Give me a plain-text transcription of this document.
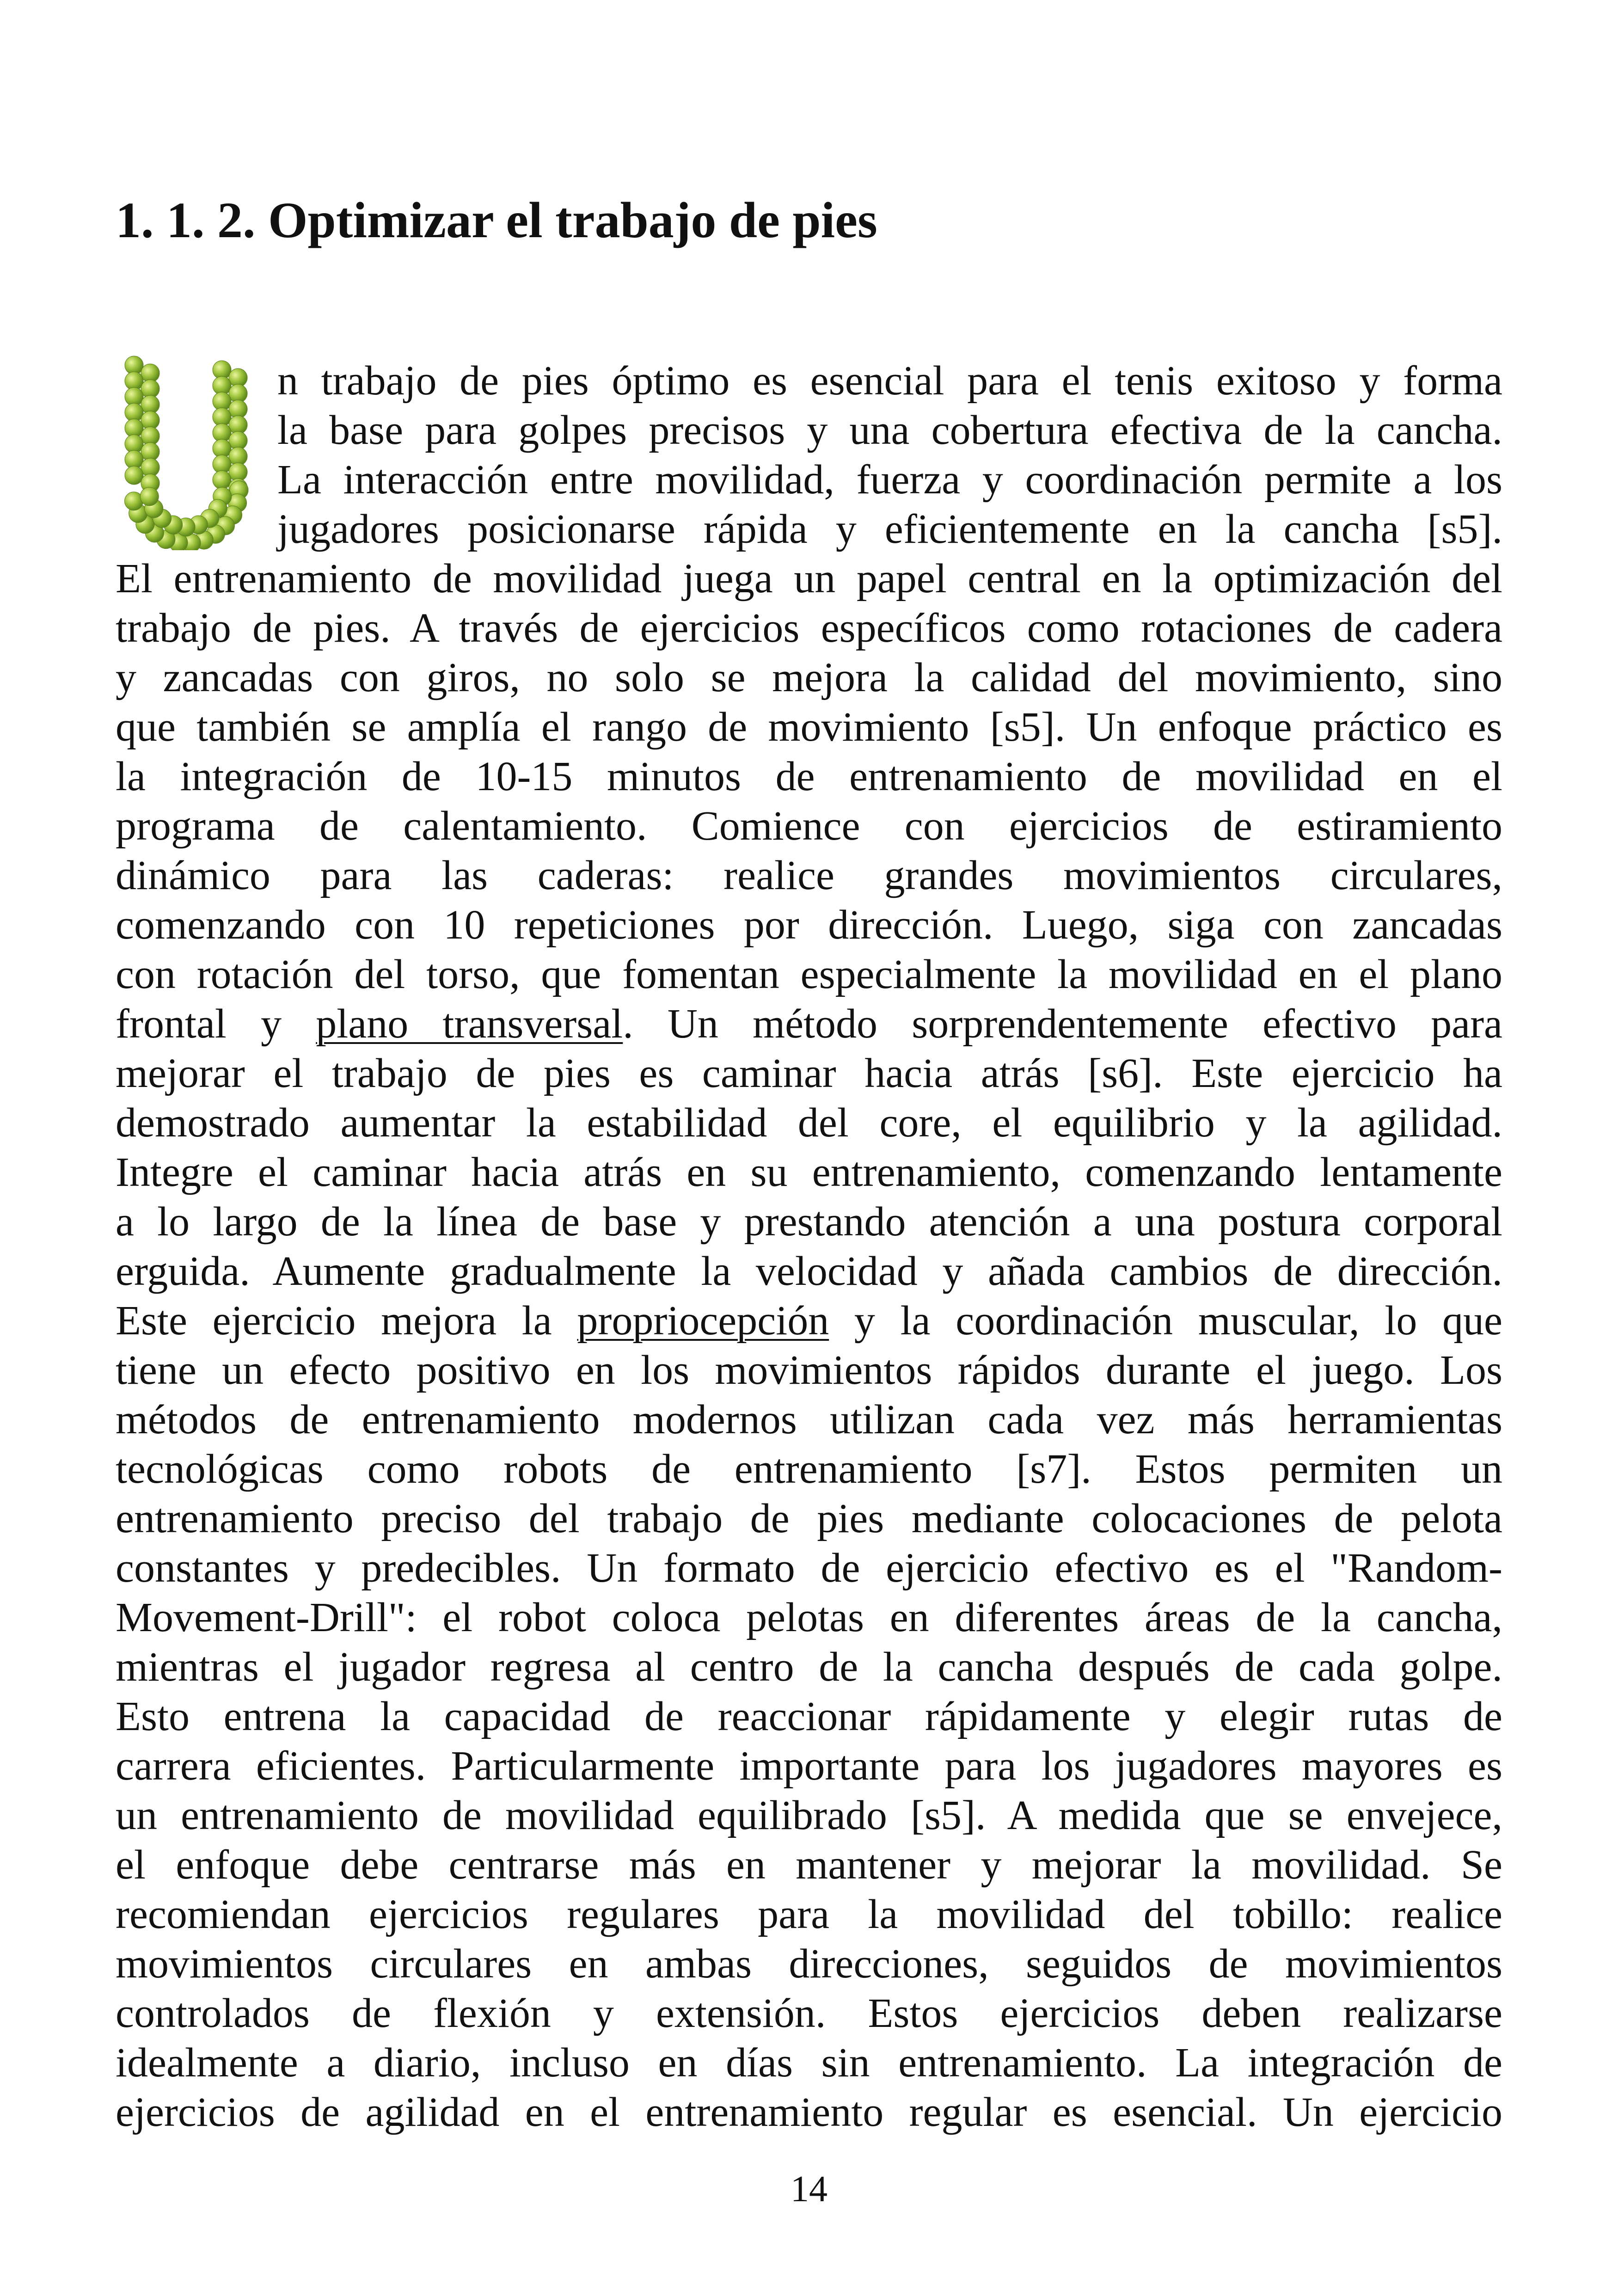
1. 1. 2. Optimizar el trabajo de pies
n trabajo de pies óptimo es esencial para el tenis exitoso y forma
la base para golpes precisos y una cobertura efectiva de la cancha.
La interacción entre movilidad, fuerza y coordinación permite a los
jugadores posicionarse rápida y eficientemente en la cancha [s5].
El entrenamiento de movilidad juega un papel central en la optimización del
trabajo de pies. A través de ejercicios específicos como rotaciones de cadera
y zancadas con giros, no solo se mejora la calidad del movimiento, sino
que también se amplía el rango de movimiento [s5]. Un enfoque práctico es
la integración de 10-15 minutos de entrenamiento de movilidad en el
programa de calentamiento. Comience con ejercicios de estiramiento
dinámico para las caderas: realice grandes movimientos circulares,
comenzando con 10 repeticiones por dirección. Luego, siga con zancadas
con rotación del torso, que fomentan especialmente la movilidad en el plano
frontal y plano transversal. Un método sorprendentemente efectivo para
mejorar el trabajo de pies es caminar hacia atrás [s6]. Este ejercicio ha
demostrado aumentar la estabilidad del core, el equilibrio y la agilidad.
Integre el caminar hacia atrás en su entrenamiento, comenzando lentamente
a lo largo de la línea de base y prestando atención a una postura corporal
erguida. Aumente gradualmente la velocidad y añada cambios de dirección.
Este ejercicio mejora la propriocepción y la coordinación muscular, lo que
tiene un efecto positivo en los movimientos rápidos durante el juego. Los
métodos de entrenamiento modernos utilizan cada vez más herramientas
tecnológicas como robots de entrenamiento [s7]. Estos permiten un
entrenamiento preciso del trabajo de pies mediante colocaciones de pelota
constantes y predecibles. Un formato de ejercicio efectivo es el "Random-
Movement-Drill": el robot coloca pelotas en diferentes áreas de la cancha,
mientras el jugador regresa al centro de la cancha después de cada golpe.
Esto entrena la capacidad de reaccionar rápidamente y elegir rutas de
carrera eficientes. Particularmente importante para los jugadores mayores es
un entrenamiento de movilidad equilibrado [s5]. A medida que se envejece,
el enfoque debe centrarse más en mantener y mejorar la movilidad. Se
recomiendan ejercicios regulares para la movilidad del tobillo: realice
movimientos circulares en ambas direcciones, seguidos de movimientos
controlados de flexión y extensión. Estos ejercicios deben realizarse
idealmente a diario, incluso en días sin entrenamiento. La integración de
ejercicios de agilidad en el entrenamiento regular es esencial. Un ejercicio
14
